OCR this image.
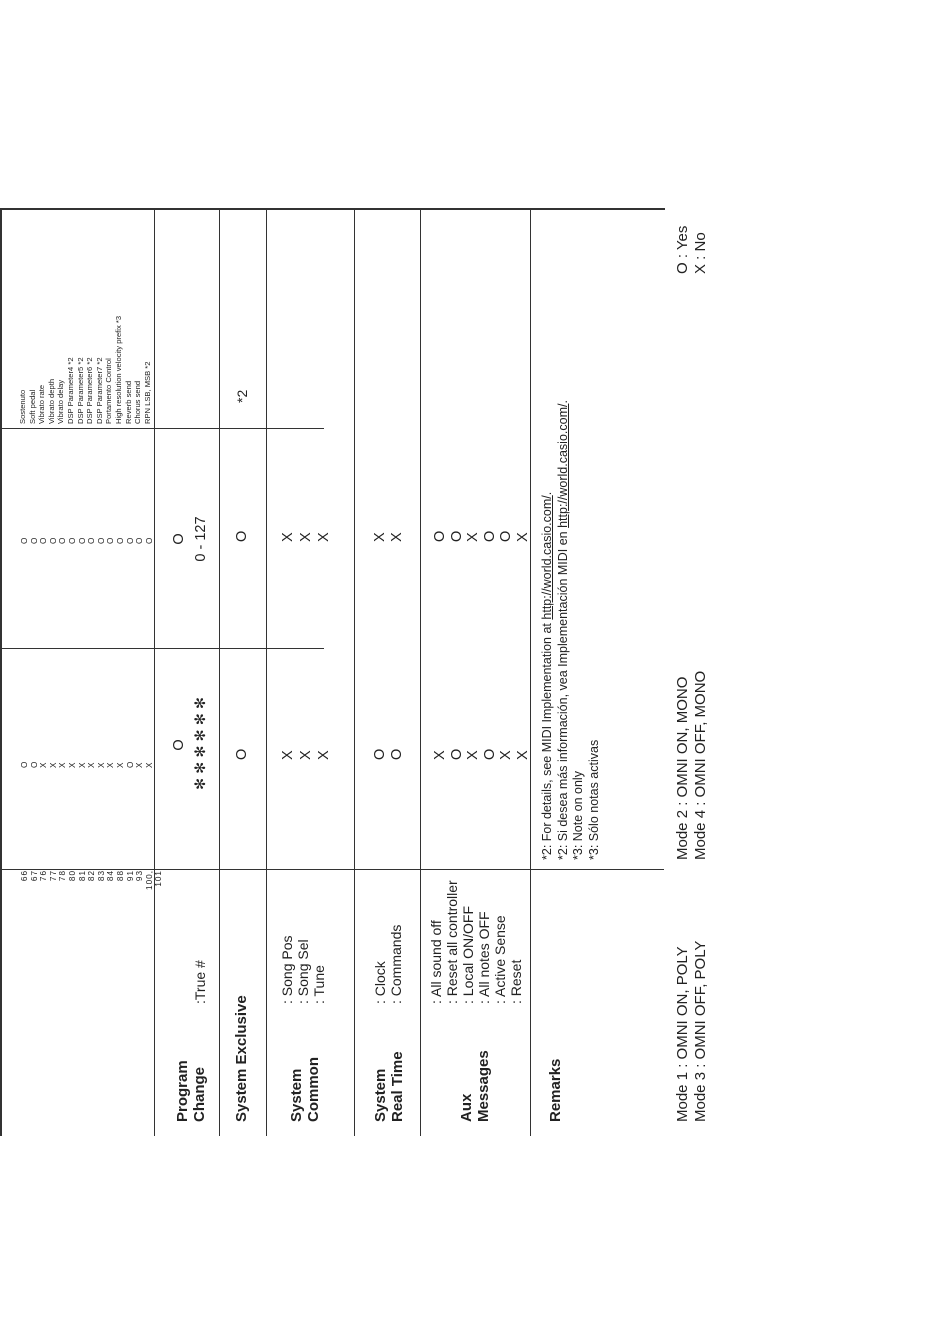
66 67 76 77 78 80 81 82 83 84 88 91 93 100, 101
O O X X X X X X X X X O X X
O O O O O O O O O O O O O O
Sostenuto Soft pedal Vibrato rate Vibrato depth Vibrato delay DSP Parameter4 *2 DSP Parameter5 *2 DSP Parameter6 *2 DSP Parameter7 *2 Portamento Control High resolution velocity prefix *3 Reverb send Chorus send RPN LSB, MSB *2
Program Change
:True #
O ✻ ✻ ✻ ✻ ✻ ✻
O 0 - 127
System Exclusive
O
O
*2
System Common
: Song Pos : Song Sel : Tune
X X X
X X X
System Real Time
: Clock : Commands
O O
X X
Aux Messages
: All sound off : Reset all controller : Local ON/OFF : All notes OFF : Active Sense : Reset
X O X O X X
O O X O O X
Remarks
*2: For details, see MIDI Implementation at http://world.casio.com/.
*2: Si desea más información, vea Implementación MIDI en http://world.casio.com/.
*3: Note on only *3: Sólo notas activas
Mode 1 : OMNI ON, POLY Mode 3 : OMNI OFF, POLY
Mode 2 : OMNI ON, MONO Mode 4 : OMNI OFF, MONO
O : Yes X : No
